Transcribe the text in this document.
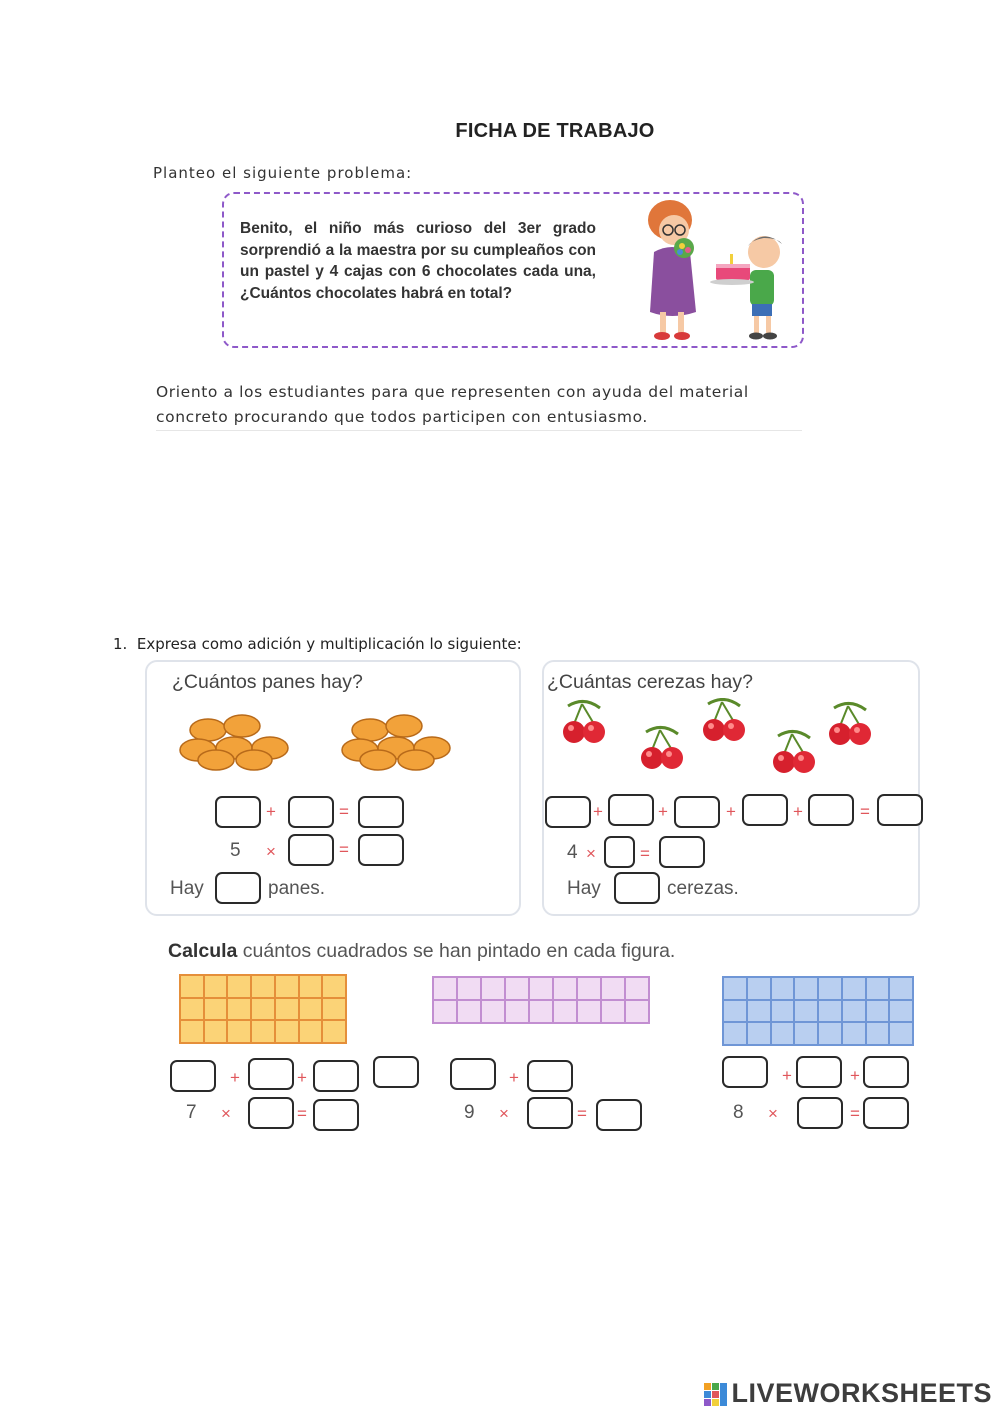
FICHA DE TRABAJO
Planteo el siguiente problema:
Benito, el niño más curioso del 3er grado sorprendió a la maestra por su cumpleaños con un pastel y 4 cajas con 6 chocolates cada una, ¿Cuántos chocolates habrá en total?
Oriento a los estudiantes para que representen con ayuda del material
concreto procurando que todos participen con entusiasmo.
1. Expresa como adición y multiplicación lo siguiente:
¿Cuántos panes hay?
+	=
5 ×	=
Hay	panes.
¿Cuántas cerezas hay?
+	+	+	+	=
4 ×	=
Hay	cerezas.
Calcula cuántos cuadrados se han pintado en cada figura.
+	+
7 ×	=
+
9 ×	=
+	+
8 ×	=
LIVEWORKSHEETS
